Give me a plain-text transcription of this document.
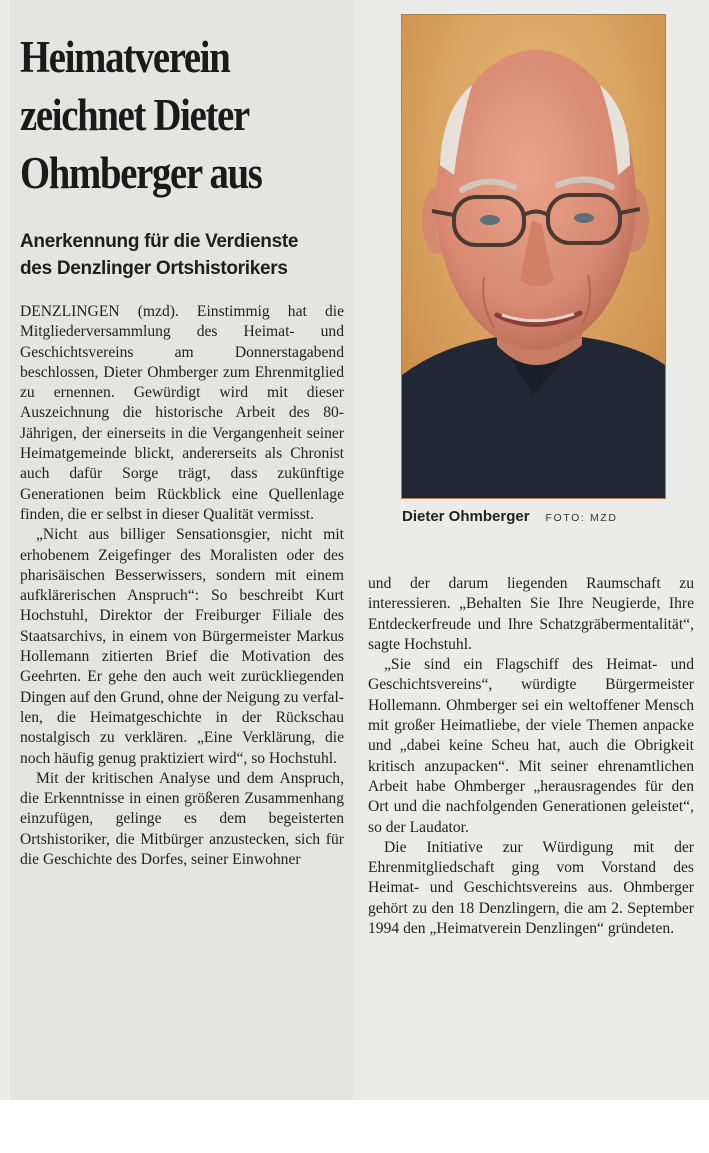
Heimatverein
zeichnet Dieter
Ohmberger aus
Anerkennung für die Verdienste
des Denzlinger Ortshistorikers

DENZLINGEN (mzd). Einstimmig hat die Mitgliederversammlung des Heimat- und Geschichtsvereins am Donnerstagabend beschlossen, Dieter Ohmberger zum Ehrenmitglied zu ernennen. Gewürdigt wird mit dieser Auszeichnung die historische Arbeit des 80-Jährigen, der einerseits in die Vergangenheit seiner Heimatgemeinde blickt, andererseits als Chronist auch dafür Sorge trägt, dass zukünftige Generationen beim Rückblick eine Quellenlage finden, die er selbst in dieser Qualität vermisst.

„Nicht aus billiger Sensationsgier, nicht mit erhobenem Zeigefinger des Moralisten oder des pharisäischen Besserwissers, sondern mit einem aufklärerischen Anspruch“: So beschreibt Kurt Hochstuhl, Direktor der Freiburger Filiale des Staatsarchivs, in einem von Bürgermeister Markus Hollemann zitierten Brief die Motivation des Geehrten. Er gehe den auch weit zurückliegenden Dingen auf den Grund, ohne der Neigung zu verfallen, die Heimatgeschichte in der Rückschau nostalgisch zu verklären. „Eine Verklärung, die noch häufig genug praktiziert wird“, so Hochstuhl.

Mit der kritischen Analyse und dem Anspruch, die Erkenntnisse in einen größeren Zusammenhang einzufügen, gelinge es dem begeisterten Ortshistoriker, die Mitbürger anzustecken, sich für die Geschichte des Dorfes, seiner Einwohner

Dieter Ohmberger FOTO: MZD

und der darum liegenden Raumschaft zu interessieren. „Behalten Sie Ihre Neugierde, Ihre Entdeckerfreude und Ihre Schatzgräbermentalität“, sagte Hochstuhl.

„Sie sind ein Flagschiff des Heimat- und Geschichtsvereins“, würdigte Bürgermeister Hollemann. Ohmberger sei ein weltoffener Mensch mit großer Heimatliebe, der viele Themen anpacke und „dabei keine Scheu hat, auch die Obrigkeit kritisch anzupacken“. Mit seiner ehrenamtlichen Arbeit habe Ohmberger „herausragendes für den Ort und die nachfolgenden Generationen geleistet“, so der Laudator.

Die Initiative zur Würdigung mit der Ehrenmitgliedschaft ging vom Vorstand des Heimat- und Geschichtsvereins aus. Ohmberger gehört zu den 18 Denzlingern, die am 2. September 1994 den „Heimatverein Denzlingen“ gründeten.
